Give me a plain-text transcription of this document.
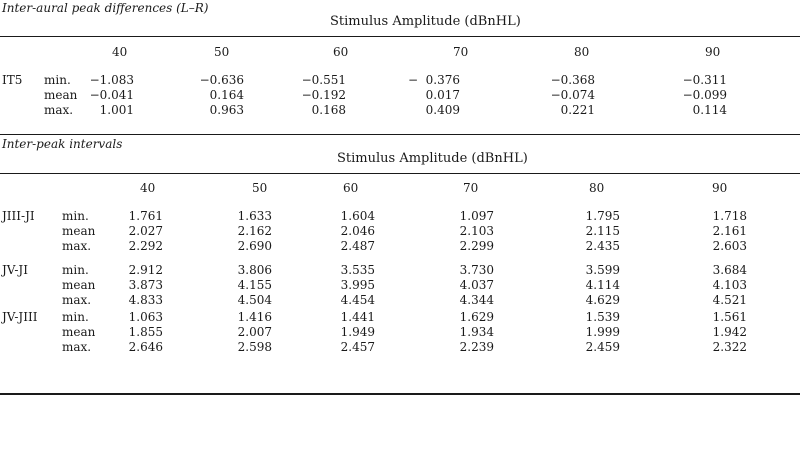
Inter-aural peak differences (L–R)
Stimulus Amplitude (dBnHL)
40	50	60	70	80	90
IT5 min. −1.083	−0.636	−0.551	−  0.376	−0.368	−0.311
mean −0.041	0.164	−0.192	0.017	−0.074	−0.099
max. 1.001	0.963	0.168	0.409	0.221	0.114
Inter-peak intervals
Stimulus Amplitude (dBnHL)
40	50	60	70	80	90
JIII-JI min.	1.761	1.633	1.604	1.097	1.795	1.718
mean	2.027	2.162	2.046	2.103	2.115	2.161
max.	2.292	2.690	2.487	2.299	2.435	2.603
JV-JI	min.	2.912	3.806	3.535	3.730	3.599	3.684
mean	3.873	4.155	3.995	4.037	4.114	4.103
max.	4.833	4.504	4.454	4.344	4.629	4.521
JV-JIII min.	1.063	1.416	1.441	1.629	1.539	1.561
mean	1.855	2.007	1.949	1.934	1.999	1.942
max.	2.646	2.598	2.457	2.239	2.459	2.322
